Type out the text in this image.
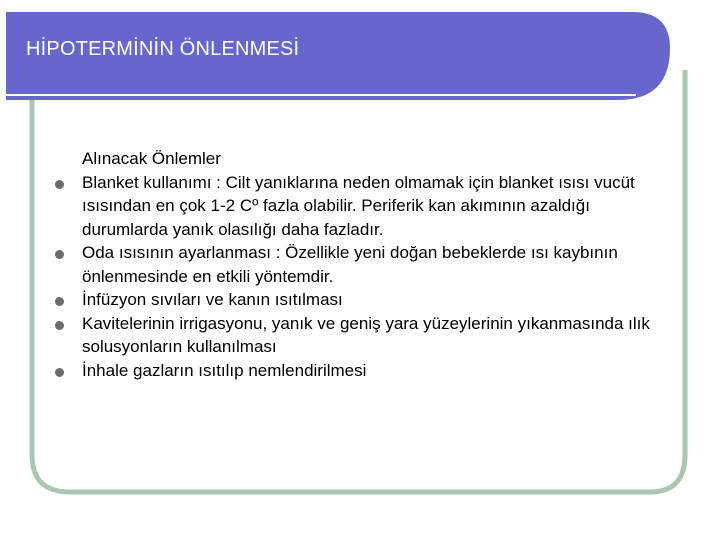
HİPOTERMİNİN ÖNLENMESİ
Alınacak Önlemler
Blanket kullanımı : Cilt yanıklarına neden olmamak için blanket ısısı vucüt ısısından en çok 1-2 Cº fazla olabilir. Periferik kan akımının azaldığı durumlarda yanık olasılığı daha fazladır.
Oda ısısının ayarlanması : Özellikle yeni doğan bebeklerde ısı kaybının önlenmesinde en etkili yöntemdir.
İnfüzyon sıvıları ve kanın ısıtılması
Kavitelerinin irrigasyonu, yanık ve geniş yara yüzeylerinin yıkanmasında ılık solusyonların kullanılması
İnhale gazların ısıtılıp nemlendirilmesi
